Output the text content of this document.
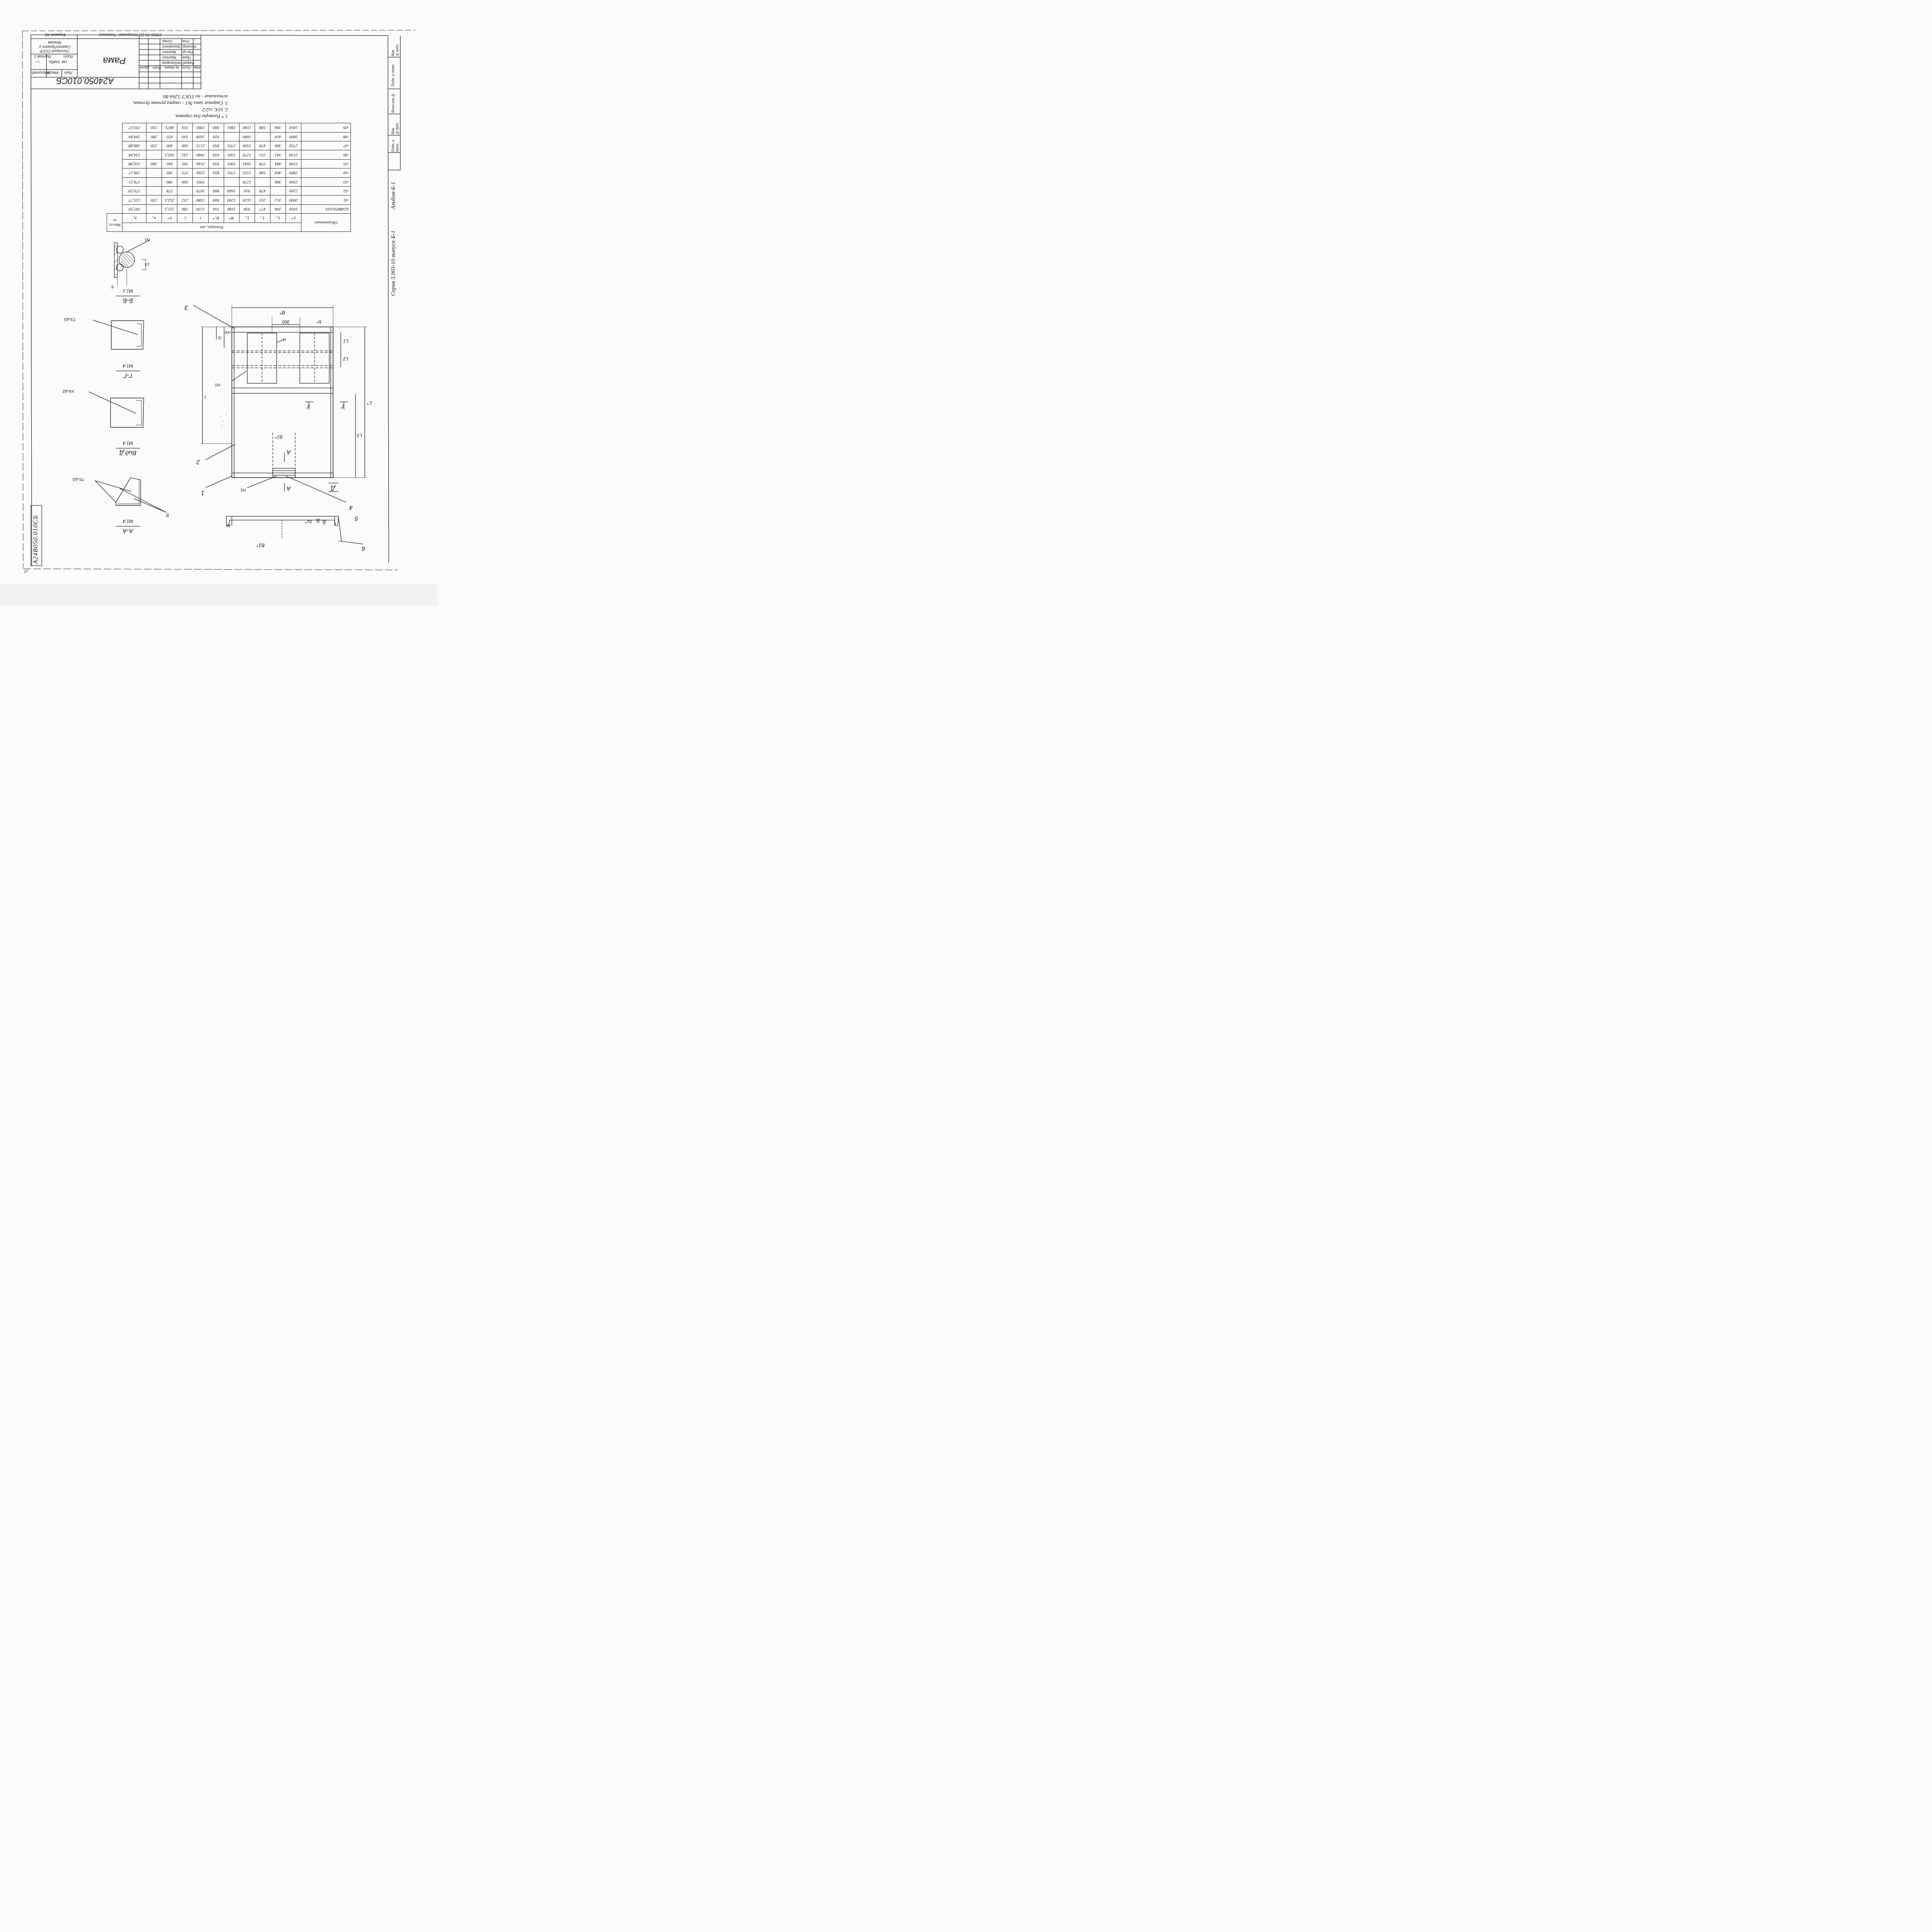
А24050.010СБ
Рама
Лит.
Масса
Масштаб
см. табл.
—
Лист
Листов 1
Госстрой СССР СантехПроект г. Москва
Изм
Лист
№ докум.
Подп.
Дата
Разраб.
Чебоксаров
Пров.
Фролкин
Рук.гр.
Вралкин
Н.контр.
Уриковский
Утв.
Скляр
23056-09 (23 Копировал: Ткаченко)
Формат А2
Инв.№подл.
Подп. и дата
Взам.инв.№
Инв.№дубл.
Подп. и дата
Альбом Б-1
Серия 5.903-10 выпуск Б-1
1.* Размеры для справок.
2. h14, ±t2/2
3. Сварные швы №1 - сварка ручная дуговая,
остальные - по ГОСТ 5264-80.
Обозначение	Размеры, мм											Масса, кг
	L*	L₁	L₂	L₃	B*	B₁*	l	l₁	b*	b₁	b₁'	
А24В050.010	1650	266	477	938	1100	550	1230	186	222,5		107,93	
-01	2000	312	253	1120	1200	600	1580	232	252,5	230	125,77	
-02	2200		478	910	1600	800	1670		378		170,59	
-03	2500	386		1270			1992	300	380		176,21	
-04	2900	464	508	1535	1701	850	2266	375	385		196,17	
-05	3100	484	578	1645	1901	950	2544	395	445	280	216,98	
-06	2150	342	253	1270	1301	650	1840	232	302,5		134,96	
-07	2750	386	478	1500	1701	850	2172	300	400	230	188,88	
-08	3000	416		1680		920	2438	330	435	280	204,86	
-09	2450	396	508	1180	1801	900	1992	310	4675	230	193,57	
А-А
М1:4
Т5-Δ5
5
Вид Д
М1:4
У4-Δ5
Г-Г
М1:4
Т3-Δ5
Б-Б
М1:1
N1
13
6
1
2
3
4
5
6
Н
Н1
Н1
А
А	Д
Б
Б
Г	Г
B*
300	b*
L1
L2
L3
L*
l
l1
H/6
B1*
40
B1*
b1*
А24В050.010СБ
27
